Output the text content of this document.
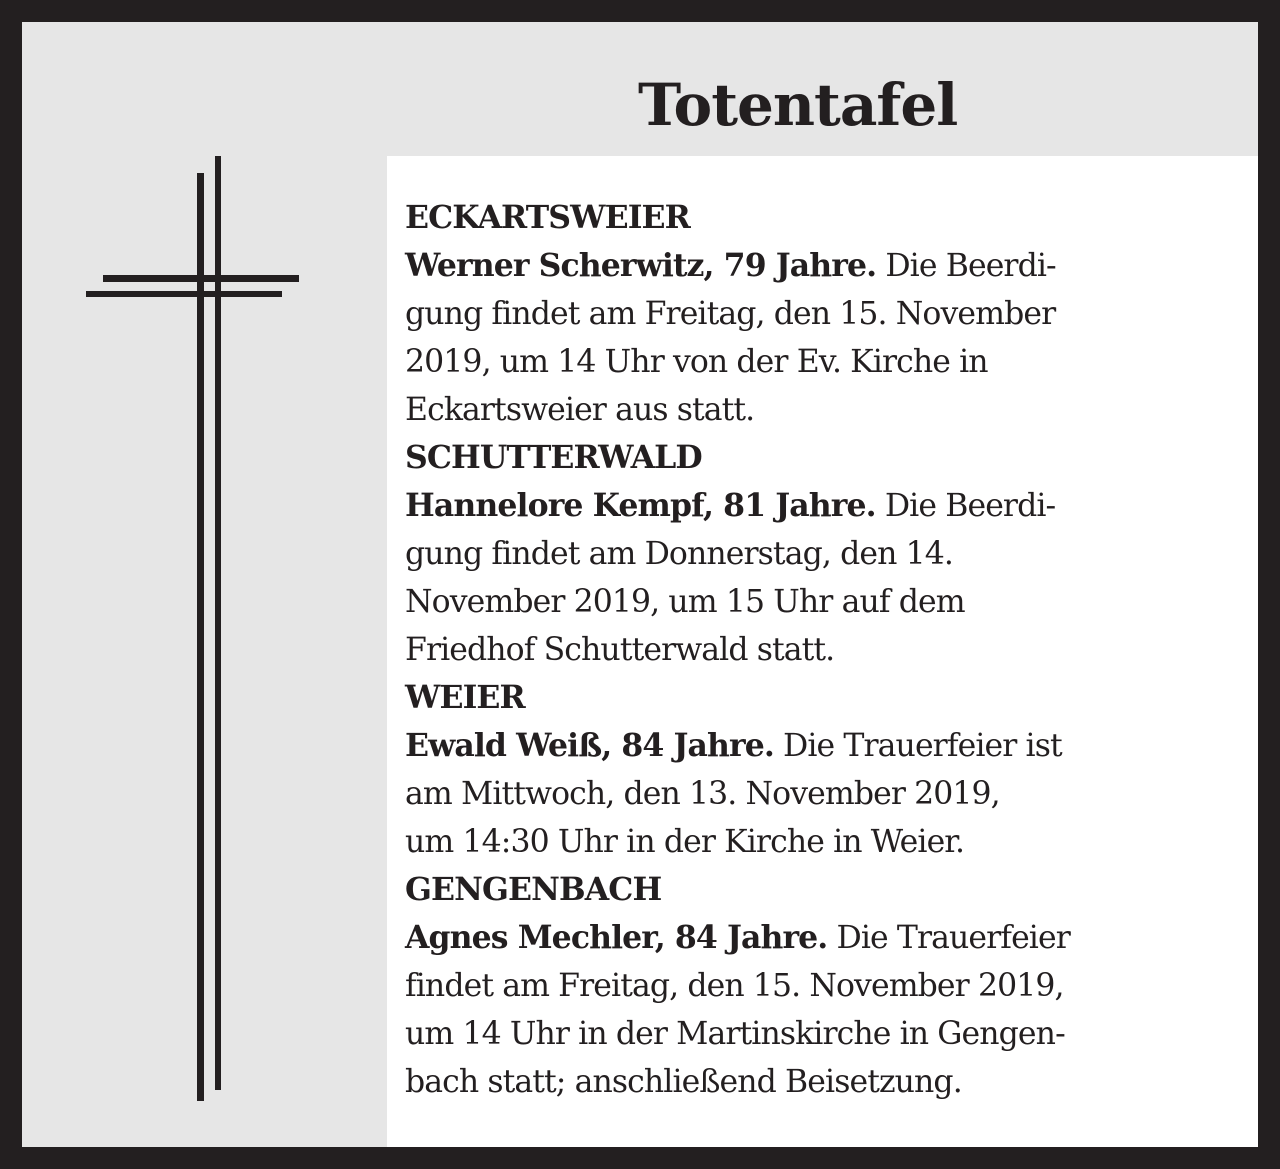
Totentafel
ECKARTSWEIER
Werner Scherwitz, 79 Jahre. Die Beerdi-
gung findet am Freitag, den 15. November
2019, um 14 Uhr von der Ev. Kirche in
Eckartsweier aus statt.
SCHUTTERWALD
Hannelore Kempf, 81 Jahre. Die Beerdi-
gung findet am Donnerstag, den 14.
November 2019, um 15 Uhr auf dem
Friedhof Schutterwald statt.
WEIER
Ewald Weiß, 84 Jahre. Die Trauerfeier ist
am Mittwoch, den 13. November 2019,
um 14:30 Uhr in der Kirche in Weier.
GENGENBACH
Agnes Mechler, 84 Jahre. Die Trauerfeier
findet am Freitag, den 15. November 2019,
um 14 Uhr in der Martinskirche in Gengen-
bach statt; anschließend Beisetzung.
